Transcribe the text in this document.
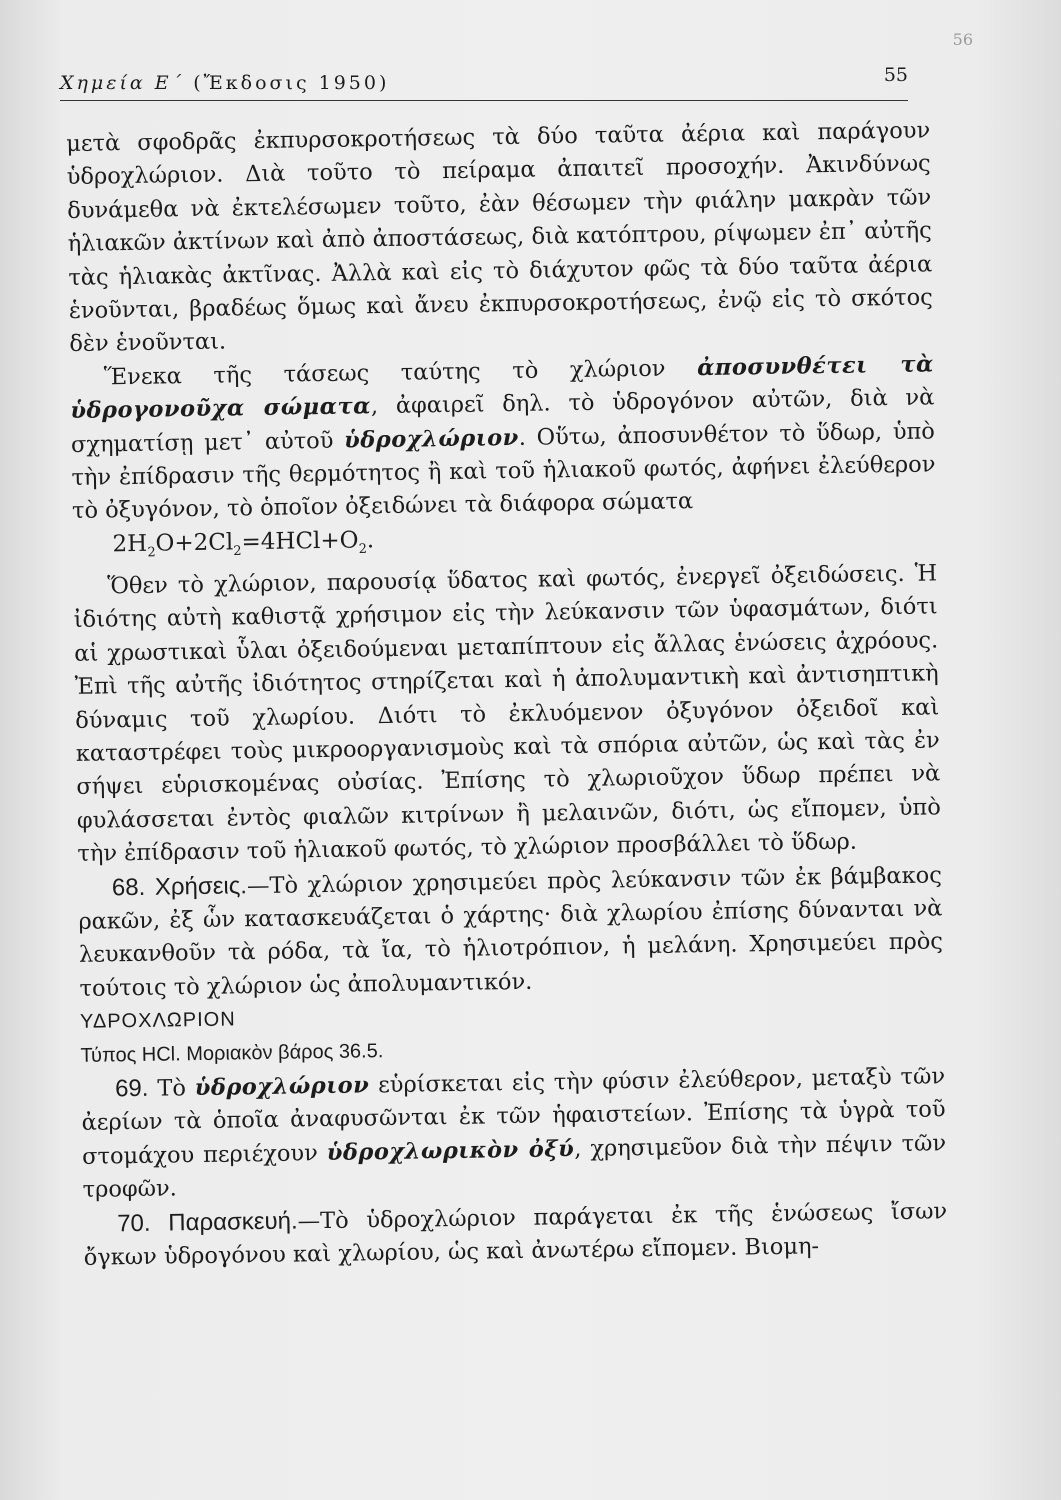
56
Χημεία Ε΄ (Ἔκδοσις 1950)	55

μετὰ σφοδρᾶς ἐκπυρσοκροτήσεως τὰ δύο ταῦτα ἀέρια καὶ παράγουν ὑδροχλώριον. Διὰ τοῦτο τὸ πείραμα ἀπαιτεῖ προσοχήν. Ἀκινδύνως δυνάμεθα νὰ ἐκτελέσωμεν τοῦτο, ἐὰν θέσωμεν τὴν φιάλην μακρὰν τῶν ἡλιακῶν ἀκτίνων καὶ ἀπὸ ἀποστάσεως, διὰ κατόπτρου, ρίψωμεν ἐπ᾿ αὐτῆς τὰς ἡλιακὰς ἀκτῖνας. Ἀλλὰ καὶ εἰς τὸ διάχυτον φῶς τὰ δύο ταῦτα ἀέρια ἑνοῦνται, βραδέως ὅμως καὶ ἄνευ ἐκπυρσοκροτήσεως, ἐνῷ εἰς τὸ σκότος δὲν ἑνοῦνται.

Ἕνεκα τῆς τάσεως ταύτης τὸ χλώριον ἀποσυνθέτει τὰ ὑδρογονοῦχα σώματα, ἀφαιρεῖ δηλ. τὸ ὑδρογόνον αὐτῶν, διὰ νὰ σχηματίσῃ μετ᾿ αὐτοῦ ὑδροχλώριον. Οὕτω, ἀποσυνθέτον τὸ ὕδωρ, ὑπὸ τὴν ἐπίδρασιν τῆς θερμότητος ἢ καὶ τοῦ ἡλιακοῦ φωτός, ἀφήνει ἐλεύθερον τὸ ὀξυγόνον, τὸ ὁποῖον ὀξειδώνει τὰ διάφορα σώματα

$2H_2O+2Cl_2=4HCl+O_2$.

Ὅθεν τὸ χλώριον, παρουσίᾳ ὕδατος καὶ φωτός, ἐνεργεῖ ὀξειδώσεις. Ἡ ἰδιότης αὐτὴ καθιστᾷ χρήσιμον εἰς τὴν λεύκανσιν τῶν ὑφασμάτων, διότι αἱ χρωστικαὶ ὗλαι ὀξειδούμεναι μεταπίπτουν εἰς ἄλλας ἑνώσεις ἀχρόους. Ἐπὶ τῆς αὐτῆς ἰδιότητος στηρίζεται καὶ ἡ ἀπολυμαντικὴ καὶ ἀντισηπτικὴ δύναμις τοῦ χλωρίου. Διότι τὸ ἐκλυόμενον ὀξυγόνον ὀξειδοῖ καὶ καταστρέφει τοὺς μικροοργανισμοὺς καὶ τὰ σπόρια αὐτῶν, ὡς καὶ τὰς ἐν σήψει εὑρισκομένας οὐσίας. Ἐπίσης τὸ χλωριοῦχον ὕδωρ πρέπει νὰ φυλάσσεται ἐντὸς φιαλῶν κιτρίνων ἢ μελαινῶν, διότι, ὡς εἴπομεν, ὑπὸ τὴν ἐπίδρασιν τοῦ ἡλιακοῦ φωτός, τὸ χλώριον προσβάλλει τὸ ὕδωρ.

68. Χρήσεις.—Τὸ χλώριον χρησιμεύει πρὸς λεύκανσιν τῶν ἐκ βάμβακος ρακῶν, ἐξ ὧν κατασκευάζεται ὁ χάρτης· διὰ χλωρίου ἐπίσης δύνανται νὰ λευκανθοῦν τὰ ρόδα, τὰ ἴα, τὸ ἡλιοτρόπιον, ἡ μελάνη. Χρησιμεύει πρὸς τούτοις τὸ χλώριον ὡς ἀπολυμαντικόν.

ΥΔΡΟΧΛΩΡΙΟΝ

Τύπος HCl. Μοριακὸν βάρος 36.5.

69. Τὸ ὑδροχλώριον εὑρίσκεται εἰς τὴν φύσιν ἐλεύθερον, μεταξὺ τῶν ἀερίων τὰ ὁποῖα ἀναφυσῶνται ἐκ τῶν ἡφαιστείων. Ἐπίσης τὰ ὑγρὰ τοῦ στομάχου περιέχουν ὑδροχλωρικὸν ὀξύ, χρησιμεῦον διὰ τὴν πέψιν τῶν τροφῶν.

70. Παρασκευή.—Τὸ ὑδροχλώριον παράγεται ἐκ τῆς ἑνώσεως ἴσων ὄγκων ὑδρογόνου καὶ χλωρίου, ὡς καὶ ἀνωτέρω εἴπομεν. Βιομη-
